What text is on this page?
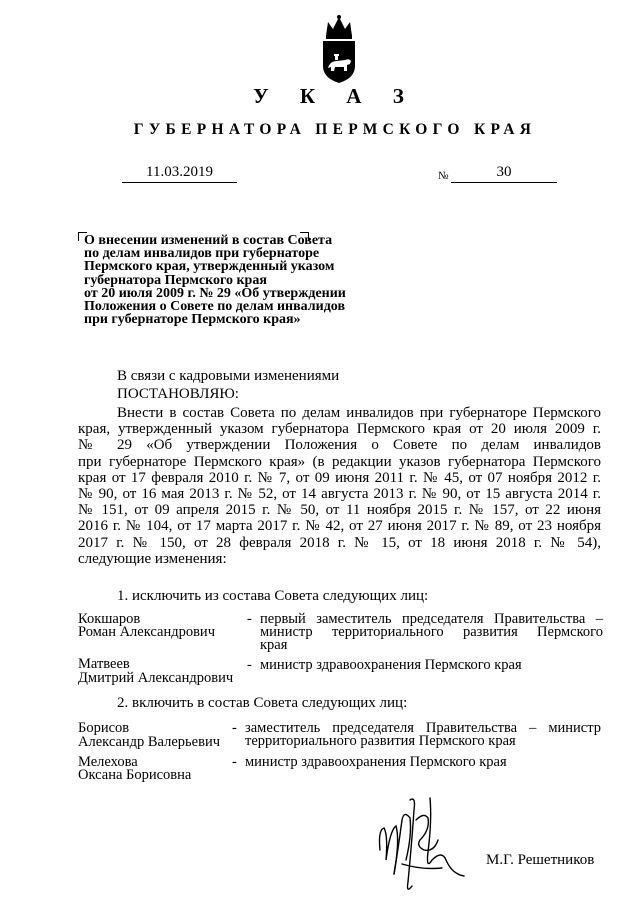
У К А З
ГУБЕРНАТОРА ПЕРМСКОГО КРАЯ
11.03.2019	№	30
О внесении изменений в состав Совета
по делам инвалидов при губернаторе
Пермского края, утвержденный указом
губернатора Пермского края
от 20 июля 2009 г. № 29 «Об утверждении
Положения о Совете по делам инвалидов
при губернаторе Пермского края»
В связи с кадровыми изменениями
ПОСТАНОВЛЯЮ:
Внести в состав Совета по делам инвалидов при губернаторе Пермского
края, утвержденный указом губернатора Пермского края от 20 июля 2009 г.
№ 29 «Об утверждении Положения о Совете по делам инвалидов
при губернаторе Пермского края» (в редакции указов губернатора Пермского
края от 17 февраля 2010 г. № 7, от 09 июня 2011 г. № 45, от 07 ноября 2012 г.
№ 90, от 16 мая 2013 г. № 52, от 14 августа 2013 г. № 90, от 15 августа 2014 г.
№ 151, от 09 апреля 2015 г. № 50, от 11 ноября 2015 г. № 157, от 22 июня
2016 г. № 104, от 17 марта 2017 г. № 42, от 27 июня 2017 г. № 89, от 23 ноября
2017 г. № 150, от 28 февраля 2018 г. № 15, от 18 июня 2018 г. № 54),
следующие изменения:
1. исключить из состава Совета следующих лиц:
Кокшаров
Роман Александрович
- первый заместитель председателя Правительства –
министр территориального развития Пермского
края
Матвеев
Дмитрий Александрович
- министр здравоохранения Пермского края
2. включить в состав Совета следующих лиц:
Борисов
Александр Валерьевич
- заместитель председателя Правительства – министр
территориального развития Пермского края
Мелехова
Оксана Борисовна
- министр здравоохранения Пермского края
М.Г. Решетников
